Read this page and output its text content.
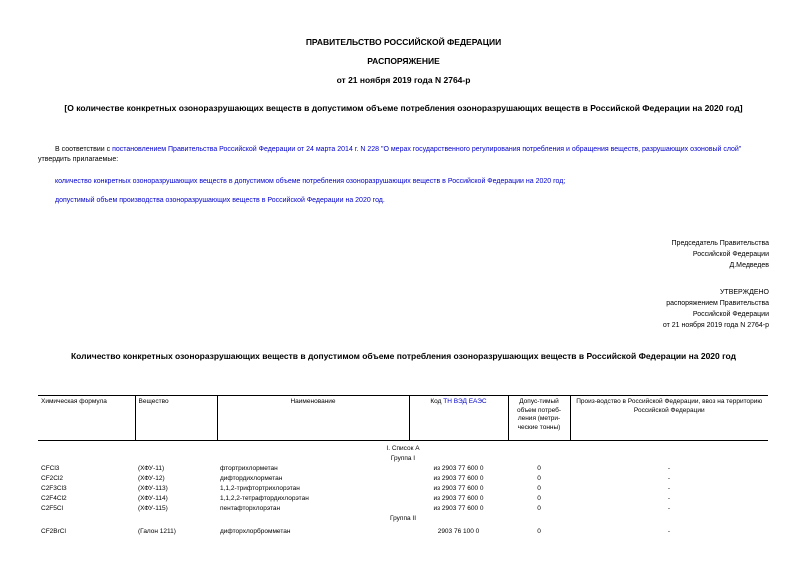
ПРАВИТЕЛЬСТВО РОССИЙСКОЙ ФЕДЕРАЦИИ
РАСПОРЯЖЕНИЕ
от 21 ноября 2019 года N 2764-р
[О количестве конкретных озоноразрушающих веществ в допустимом объеме потребления озоноразрушающих веществ в Российской Федерации на 2020 год]
В соответствии с постановлением Правительства Российской Федерации от 24 марта 2014 г. N 228 "О мерах государственного регулирования потребления и обращения веществ, разрушающих озоновый слой"
утвердить прилагаемые:
количество конкретных озоноразрушающих веществ в допустимом объеме потребления озоноразрушающих веществ в Российской Федерации на 2020 год;
допустимый объем производства озоноразрушающих веществ в Российской Федерации на 2020 год.
Председатель Правительства
Российской Федерации
Д.Медведев
УТВЕРЖДЕНО
распоряжением Правительства
Российской Федерации
от 21 ноября 2019 года N 2764-р
Количество конкретных озоноразрушающих веществ в допустимом объеме потребления озоноразрушающих веществ в Российской Федерации на 2020 год
Химическая формула	Вещество	Наименование	Код ТН ВЭД ЕАЭС	Допус-тимый объем потреб-ления (метри-ческие тонны)	Произ-водство в Российской Федерации, ввоз на территорию Российской Федерации

I. Список А					
Группа I					
CFCl3	(ХФУ-11)	фтортрихлорметан	из 2903 77 600 0	0	-
CF2Cl2	(ХФУ-12)	дифтордихлорметан	из 2903 77 600 0	0	-
C2F3Cl3	(ХФУ-113)	1,1,2-трифтортрихлорэтан	из 2903 77 600 0	0	-
C2F4Cl2	(ХФУ-114)	1,1,2,2-тетрафтордихлорэтан	из 2903 77 600 0	0	-
C2F5Cl	(ХФУ-115)	пентафторхлорэтан	из 2903 77 600 0	0	-
Группа II					

CF2BrCl	(Галон 1211)	дифторхлорбромметан	2903 76 100 0	0	-
